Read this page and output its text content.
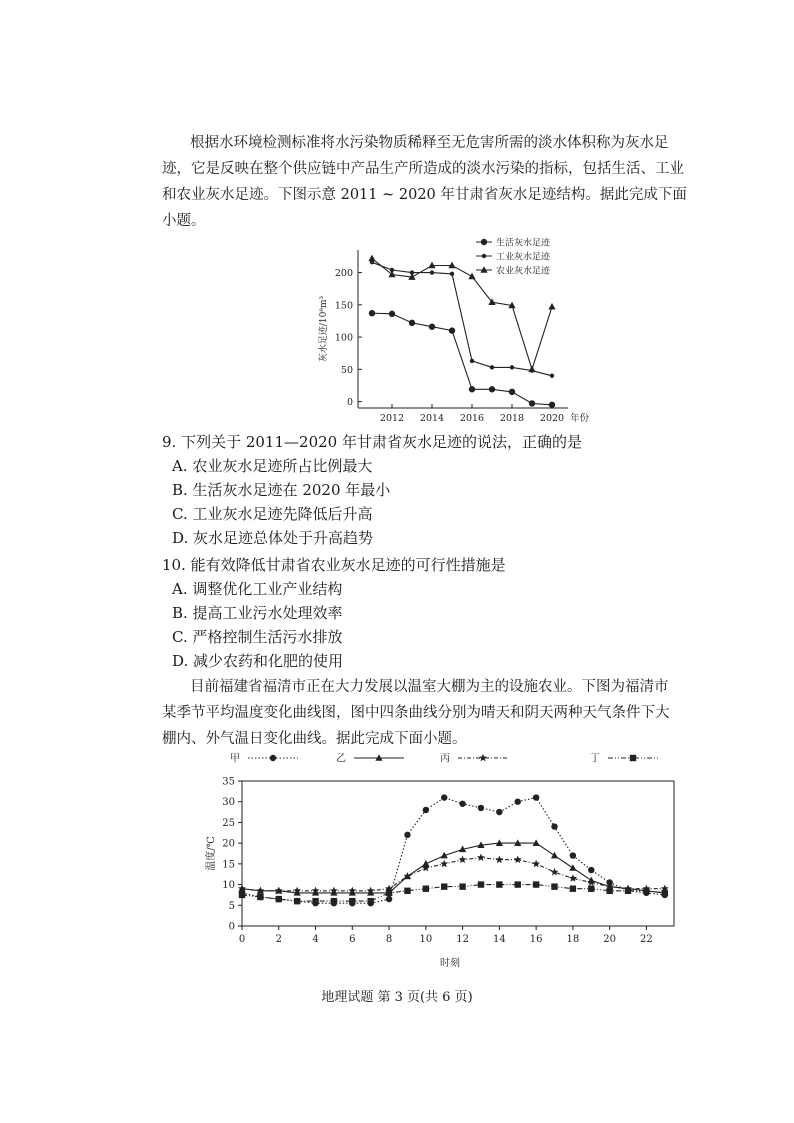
根据水环境检测标准将水污染物质稀释至无危害所需的淡水体积称为灰水足
迹，它是反映在整个供应链中产品生产所造成的淡水污染的指标，包括生活、工业
和农业灰水足迹。下图示意 2011 ~ 2020 年甘肃省灰水足迹结构。据此完成下面
小题。
0
50
100
150
200
2012 2014 2016 2018 2020 年份
灰水足迹/10⁸m³
生活灰水足迹
工业灰水足迹
农业灰水足迹
9. 下列关于 2011—2020 年甘肃省灰水足迹的说法，正确的是
A. 农业灰水足迹所占比例最大
B. 生活灰水足迹在 2020 年最小
C. 工业灰水足迹先降低后升高
D. 灰水足迹总体处于升高趋势
10. 能有效降低甘肃省农业灰水足迹的可行性措施是
A. 调整优化工业产业结构
B. 提高工业污水处理效率
C. 严格控制生活污水排放
D. 减少农药和化肥的使用
目前福建省福清市正在大力发展以温室大棚为主的设施农业。下图为福清市
某季节平均温度变化曲线图，图中四条曲线分别为晴天和阴天两种天气条件下大
棚内、外气温日变化曲线。据此完成下面小题。
0
5
10
15
20
25
30
35
0	2	4	6	8	10 12 14 16 18 20 22
时刻
温度/℃
甲	乙	丙	丁
地理试题 第 3 页(共 6 页)
